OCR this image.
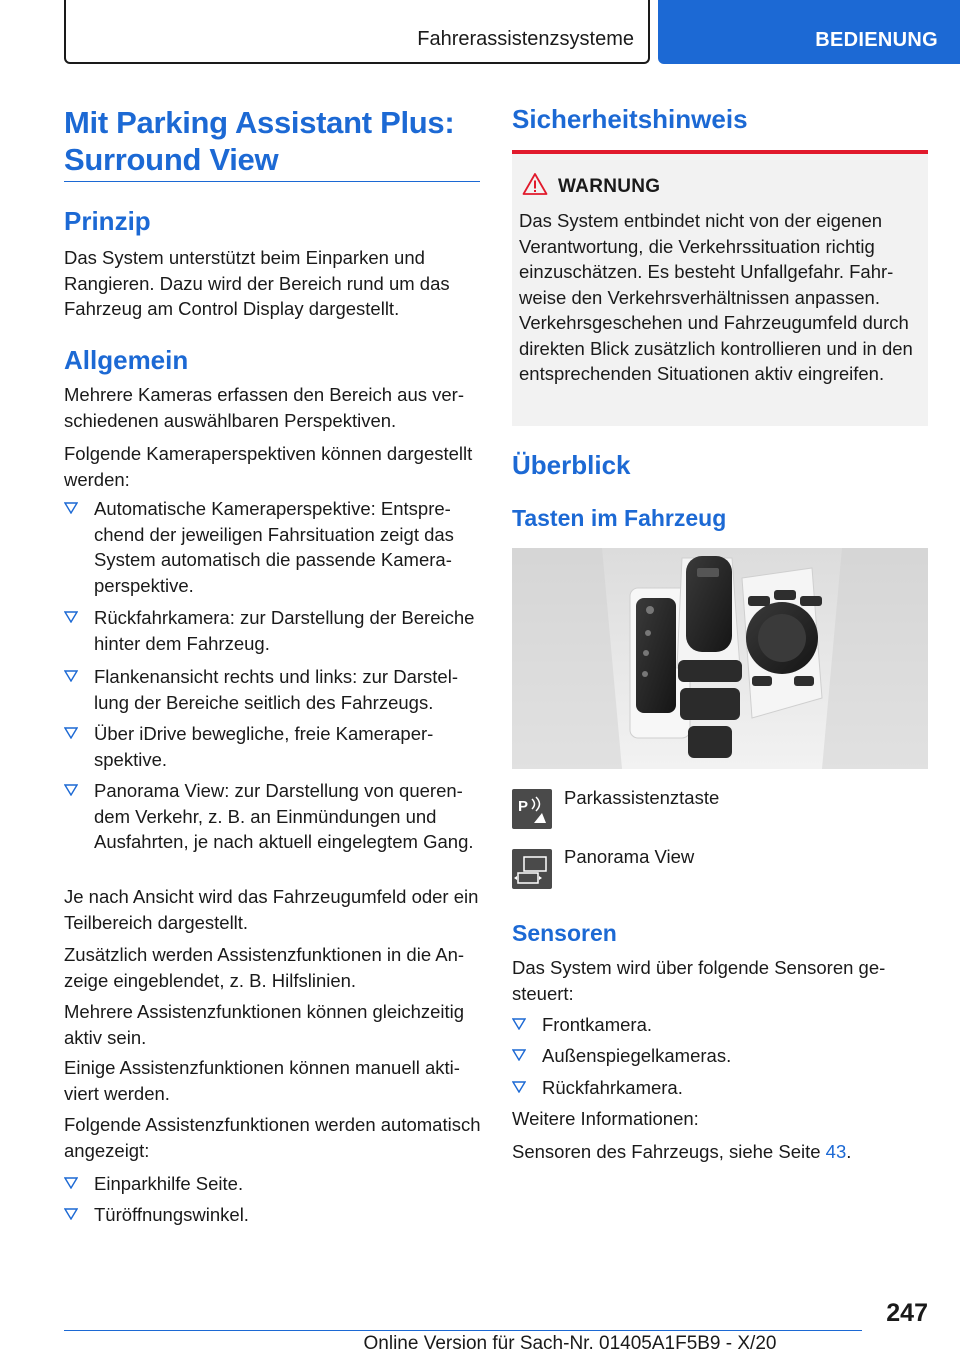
Fahrerassistenzsysteme	BEDIENUNG
Mit Parking Assistant Plus:
Surround View
Prinzip
Das System unterstützt beim Einparken und Rangieren. Dazu wird der Bereich rund um das Fahrzeug am Control Display dargestellt.
Allgemein
Mehrere Kameras erfassen den Bereich aus verschiedenen auswählbaren Perspektiven.
Folgende Kameraperspektiven können dargestellt werden:
Automatische Kameraperspektive: Entsprechend der jeweiligen Fahrsituation zeigt das System automatisch die passende Kameraperspektive.
Rückfahrkamera: zur Darstellung der Bereiche hinter dem Fahrzeug.
Flankenansicht rechts und links: zur Darstellung der Bereiche seitlich des Fahrzeugs.
Über iDrive bewegliche, freie Kameraperspektive.
Panorama View: zur Darstellung von querendem Verkehr, z. B. an Einmündungen und Ausfahrten, je nach aktuell eingelegtem Gang.
Je nach Ansicht wird das Fahrzeugumfeld oder ein Teilbereich dargestellt.
Zusätzlich werden Assistenzfunktionen in die Anzeige eingeblendet, z. B. Hilfslinien.
Mehrere Assistenzfunktionen können gleichzeitig aktiv sein.
Einige Assistenzfunktionen können manuell aktiviert werden.
Folgende Assistenzfunktionen werden automatisch angezeigt:
Einparkhilfe Seite.
Türöffnungswinkel.
Sicherheitshinweis
WARNUNG
Das System entbindet nicht von der eigenen Verantwortung, die Verkehrssituation richtig einzuschätzen. Es besteht Unfallgefahr. Fahrweise den Verkehrsverhältnissen anpassen. Verkehrsgeschehen und Fahrzeugumfeld durch direkten Blick zusätzlich kontrollieren und in den entsprechenden Situationen aktiv eingreifen.
Überblick
Tasten im Fahrzeug
P Parkassistenztaste
Panorama View
Sensoren
Das System wird über folgende Sensoren gesteuert:
Frontkamera.
Außenspiegelkameras.
Rückfahrkamera.
Weitere Informationen:
Sensoren des Fahrzeugs, siehe Seite 43.
247
Online Version für Sach-Nr. 01405A1F5B9 - X/20
